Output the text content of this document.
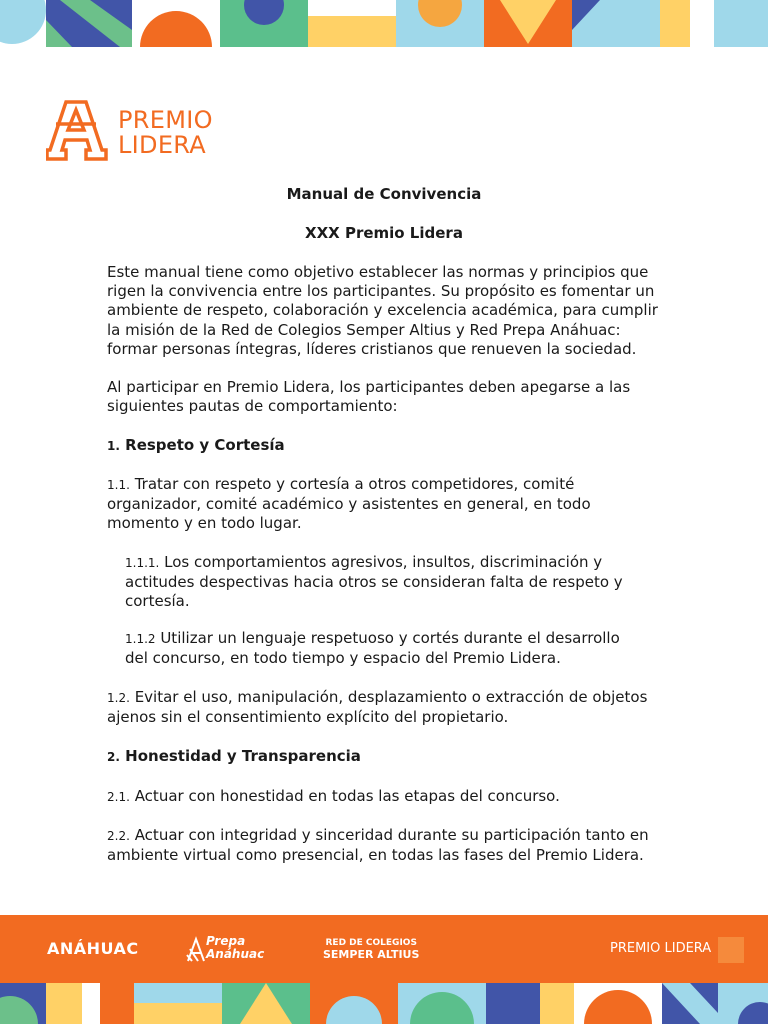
PREMIO
LIDERA
Manual de Convivencia
XXX Premio Lidera
Este manual tiene como objetivo establecer las normas y principios que rigen la convivencia entre los participantes. Su propósito es fomentar un ambiente de respeto, colaboración y excelencia académica, para cumplir la misión de la Red de Colegios Semper Altius y Red Prepa Anáhuac: formar personas íntegras, líderes cristianos que renueven la sociedad.
Al participar en Premio Lidera, los participantes deben apegarse a las siguientes pautas de comportamiento:
1. Respeto y Cortesía
1.1. Tratar con respeto y cortesía a otros competidores, comité organizador, comité académico y asistentes en general, en todo momento y en todo lugar.
1.1.1. Los comportamientos agresivos, insultos, discriminación y actitudes despectivas hacia otros se consideran falta de respeto y cortesía.
1.1.2 Utilizar un lenguaje respetuoso y cortés durante el desarrollo del concurso, en todo tiempo y espacio del Premio Lidera.
1.2. Evitar el uso, manipulación, desplazamiento o extracción de objetos ajenos sin el consentimiento explícito del propietario.
2. Honestidad y Transparencia
2.1. Actuar con honestidad en todas las etapas del concurso.
2.2. Actuar con integridad y sinceridad durante su participación tanto en ambiente virtual como presencial, en todas las fases del Premio Lidera.
ANÁHUAC	Prepa
Anáhuac
RED DE COLEGIOS
SEMPER ALTIUS	PREMIO LIDERA
